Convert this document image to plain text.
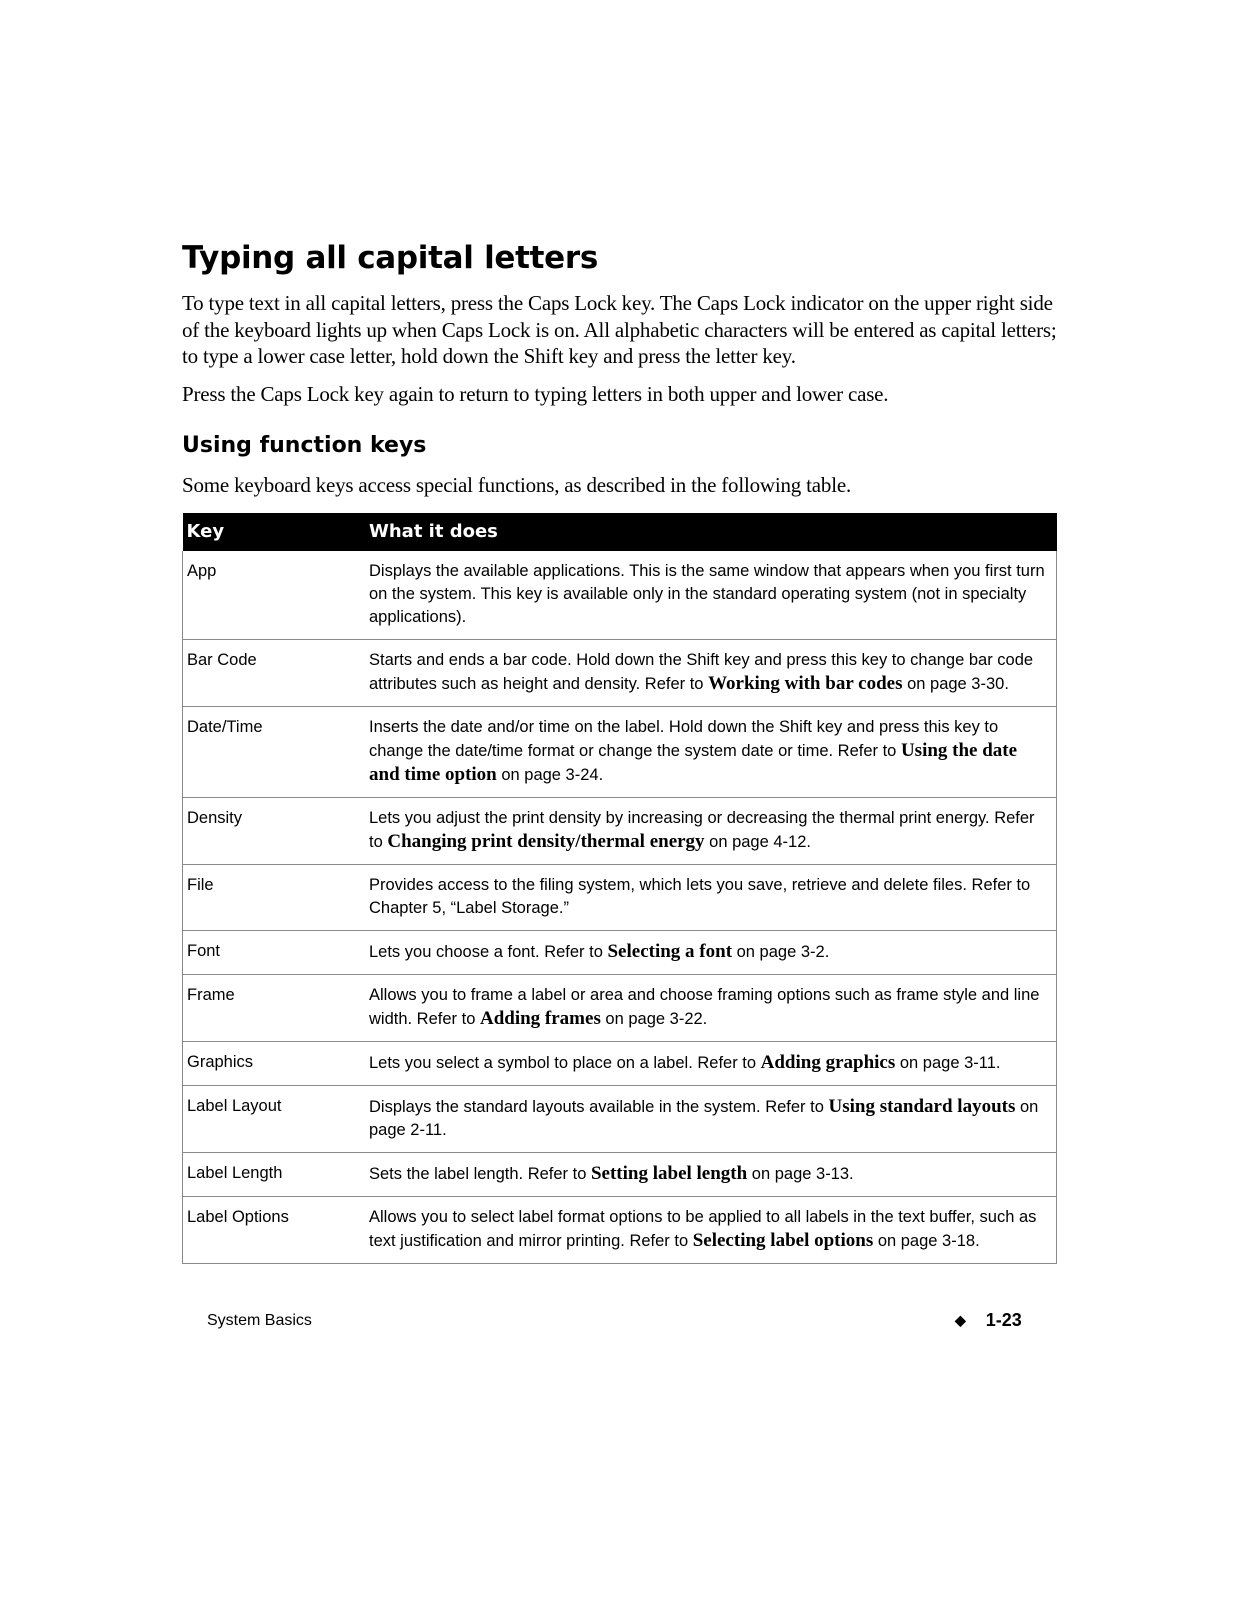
Typing all capital letters

To type text in all capital letters, press the Caps Lock key. The Caps Lock indicator on the upper right side of the keyboard lights up when Caps Lock is on. All alphabetic characters will be entered as capital letters; to type a lower case letter, hold down the Shift key and press the letter key.

Press the Caps Lock key again to return to typing letters in both upper and lower case.

Using function keys

Some keyboard keys access special functions, as described in the following table.

Key	What it does
App	Displays the available applications. This is the same window that appears when you first turn on the system. This key is available only in the standard operating system (not in specialty applications).
Bar Code	Starts and ends a bar code. Hold down the Shift key and press this key to change bar code attributes such as height and density. Refer to Working with bar codes on page 3-30.
Date/Time	Inserts the date and/or time on the label. Hold down the Shift key and press this key to change the date/time format or change the system date or time. Refer to Using the date and time option on page 3-24.
Density	Lets you adjust the print density by increasing or decreasing the thermal print energy. Refer to Changing print density/thermal energy on page 4-12.
File	Provides access to the filing system, which lets you save, retrieve and delete files. Refer to Chapter 5, “Label Storage.”
Font	Lets you choose a font. Refer to Selecting a font on page 3-2.
Frame	Allows you to frame a label or area and choose framing options such as frame style and line width. Refer to Adding frames on page 3-22.
Graphics	Lets you select a symbol to place on a label. Refer to Adding graphics on page 3-11.
Label Layout	Displays the standard layouts available in the system. Refer to Using standard layouts on page 2-11.
Label Length	Sets the label length. Refer to Setting label length on page 3-13.
Label Options	Allows you to select label format options to be applied to all labels in the text buffer, such as text justification and mirror printing. Refer to Selecting label options on page 3-18.
System Basics	◆ 1-23
